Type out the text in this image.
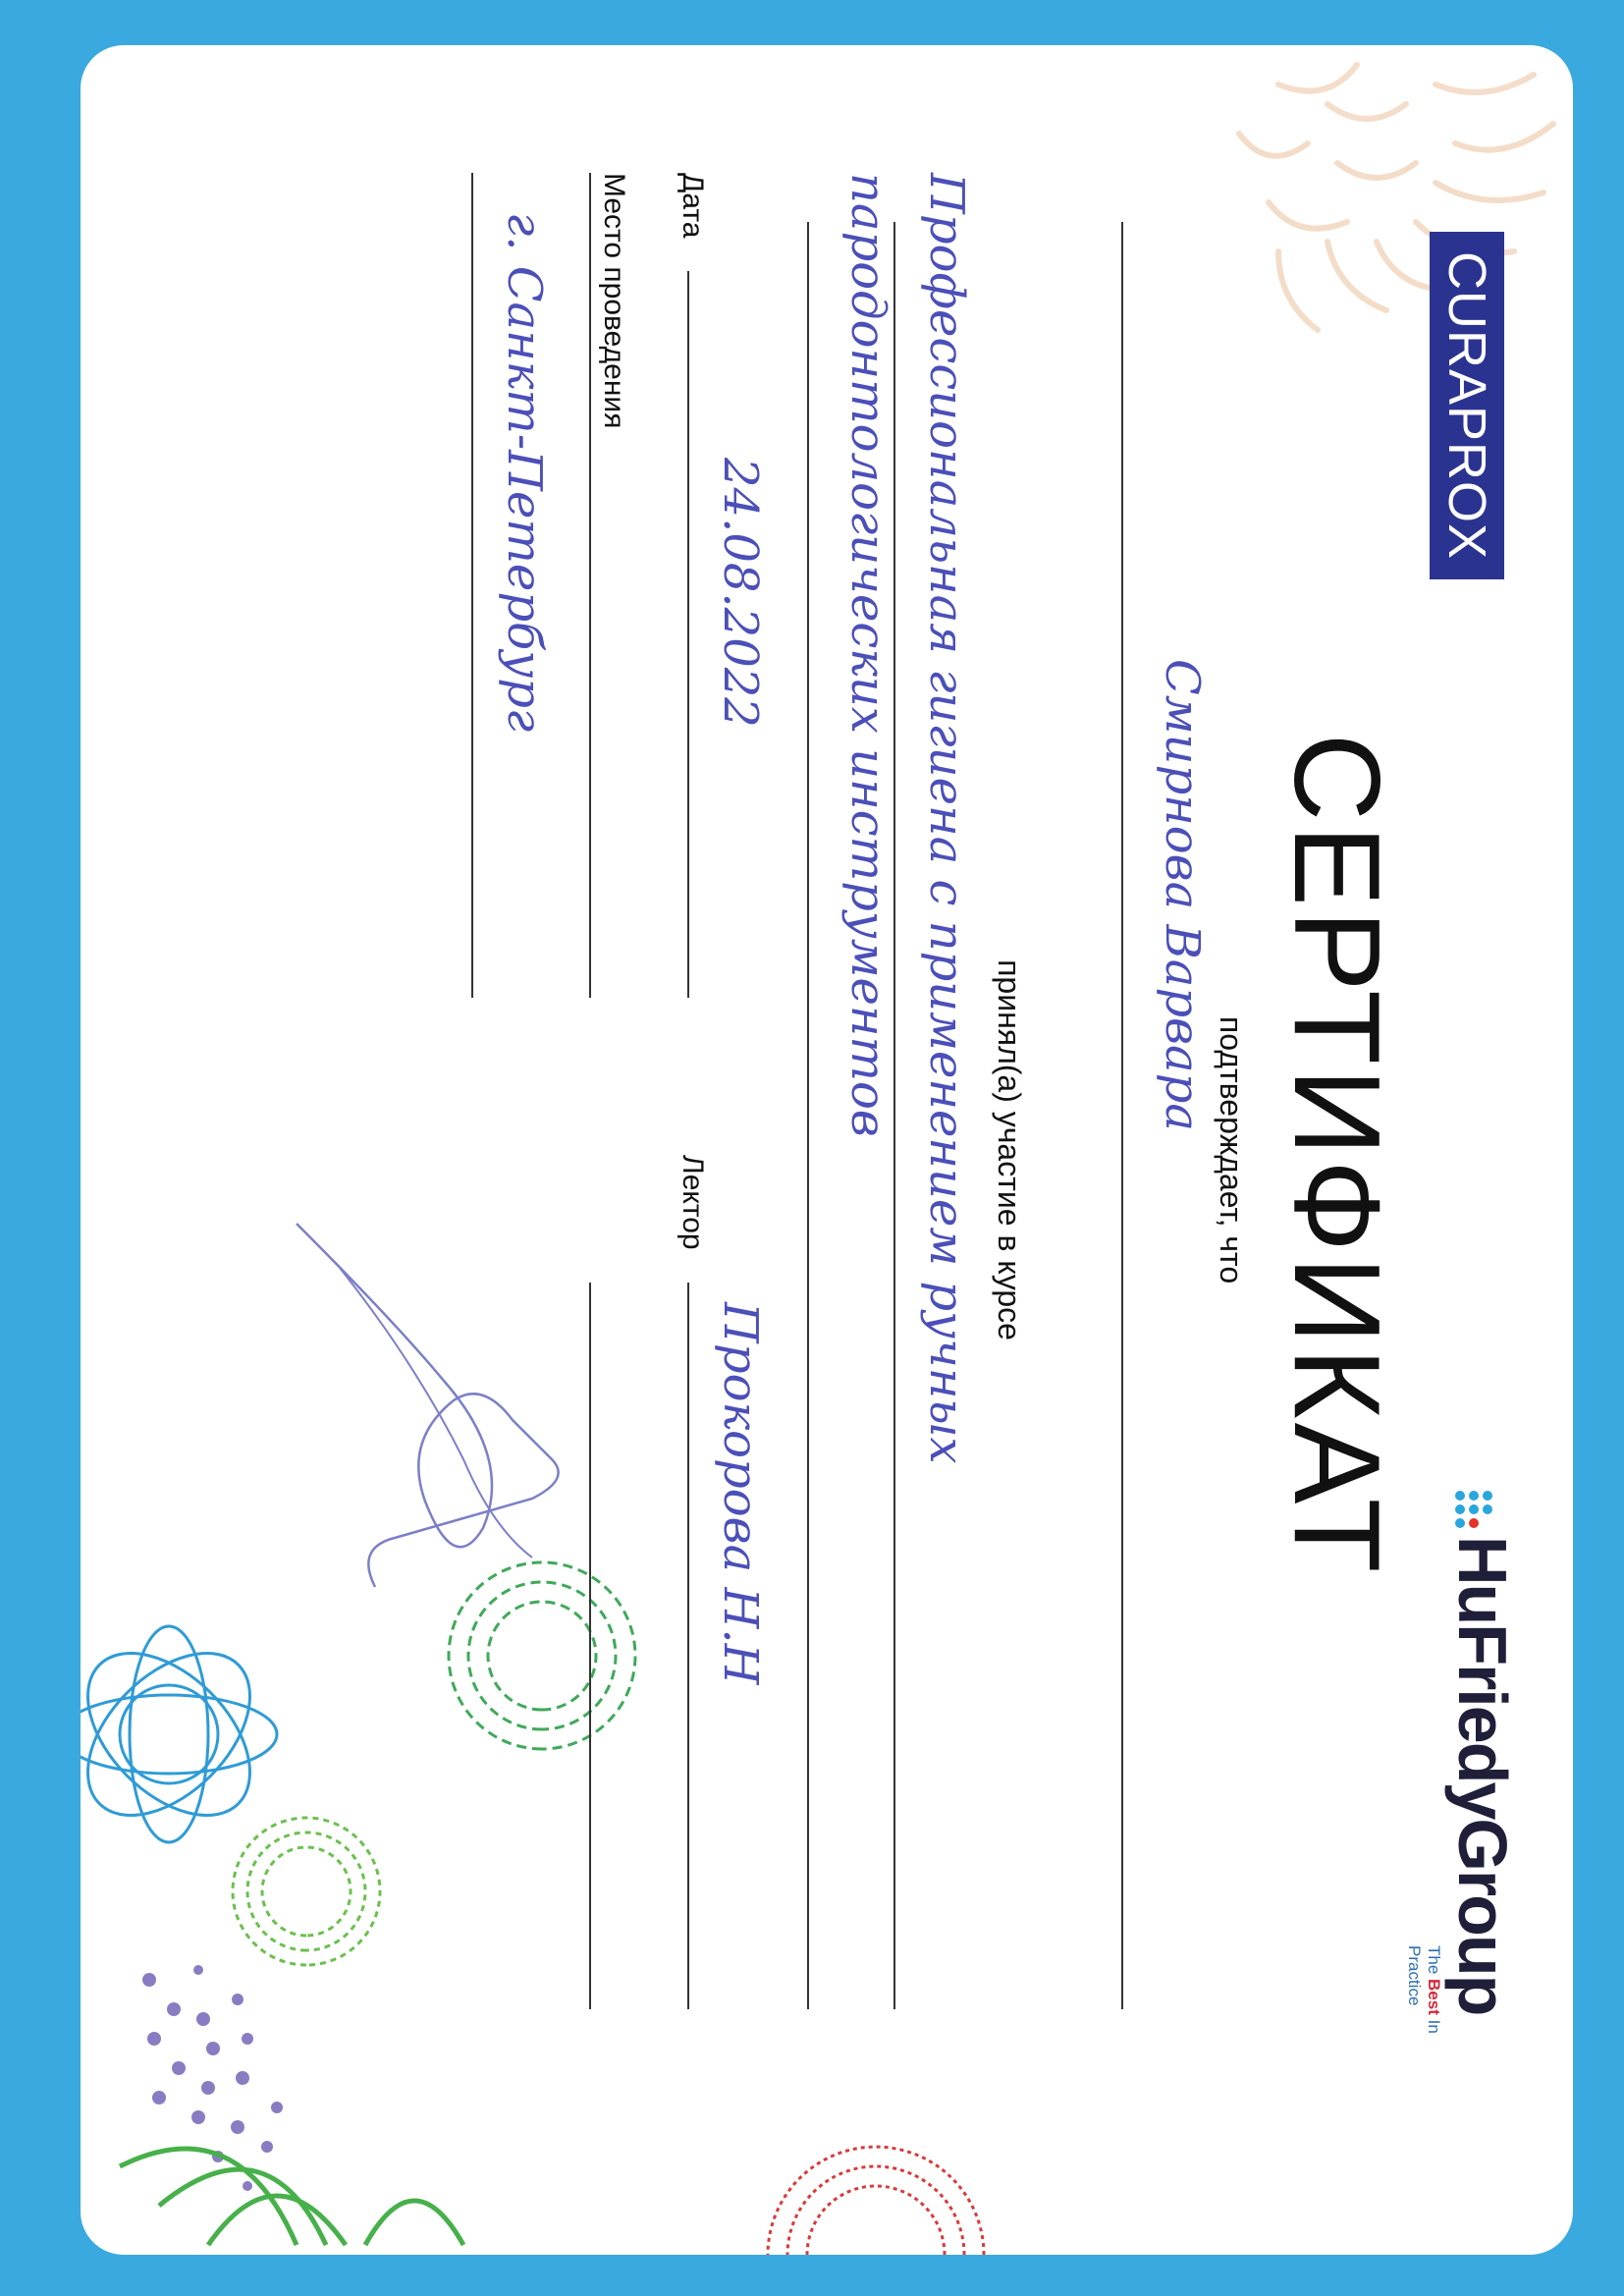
CURAPROX
HuFriedyGroup
The Best In Practice
СЕРТИФИКАТ
подтверждает, что
Смирнова Варвара
принял(а) участие в курсе
Профессиональная гигиена с применением ручных
пародонтологических инструментов
Дата
24.08.2022
Лектор
Прокорова Н.Н
Место проведения
г. Санкт-Петербург
